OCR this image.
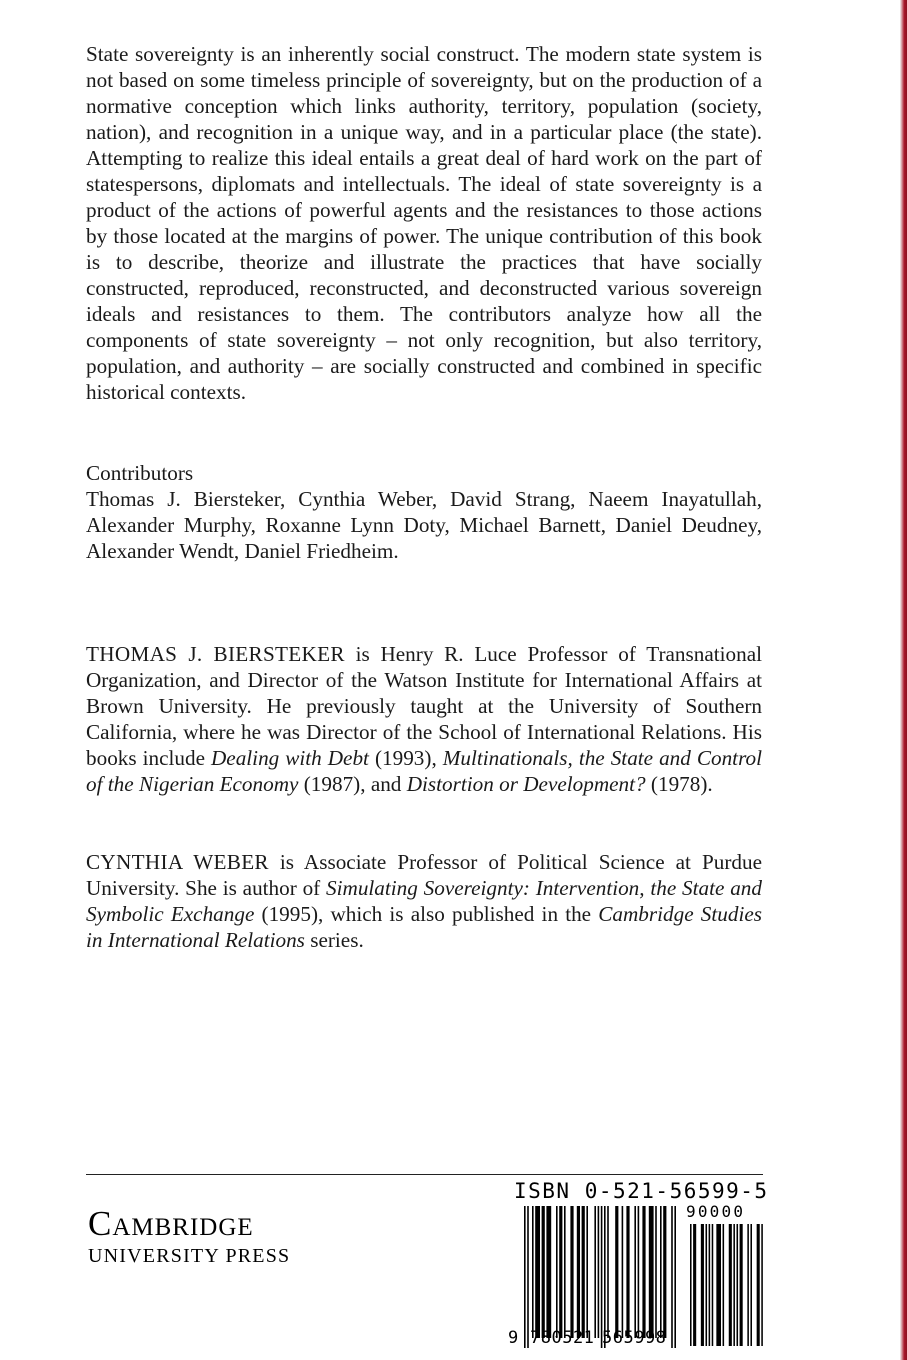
State sovereignty is an inherently social construct. The modern state system is not based on some timeless principle of sovereignty, but on the production of a normative conception which links authority, territory, population (society, nation), and recognition in a unique way, and in a particular place (the state). Attempting to realize this ideal entails a great deal of hard work on the part of statespersons, diplomats and intellectuals. The ideal of state sovereignty is a product of the actions of powerful agents and the resistances to those actions by those located at the margins of power. The unique contribution of this book is to describe, theorize and illustrate the practices that have socially constructed, reproduced, reconstructed, and deconstructed various sovereign ideals and resistances to them. The contributors analyze how all the components of state sovereignty – not only recognition, but also territory, population, and authority – are socially constructed and combined in specific historical contexts.

Contributors

Thomas J. Biersteker, Cynthia Weber, David Strang, Naeem Inayatullah, Alexander Murphy, Roxanne Lynn Doty, Michael Barnett, Daniel Deudney, Alexander Wendt, Daniel Friedheim.

THOMAS J. BIERSTEKER is Henry R. Luce Professor of Transnational Organization, and Director of the Watson Institute for International Affairs at Brown University. He previously taught at the University of Southern California, where he was Director of the School of International Relations. His books include Dealing with Debt (1993), Multinationals, the State and Control of the Nigerian Economy (1987), and Distortion or Development? (1978).

CYNTHIA WEBER is Associate Professor of Political Science at Purdue University. She is author of Simulating Sovereignty: Intervention, the State and Symbolic Exchange (1995), which is also published in the Cambridge Studies in International Relations series.

Cambridge
UNIVERSITY PRESS
ISBN 0-521-56599-5
90000
9 780521 565998
